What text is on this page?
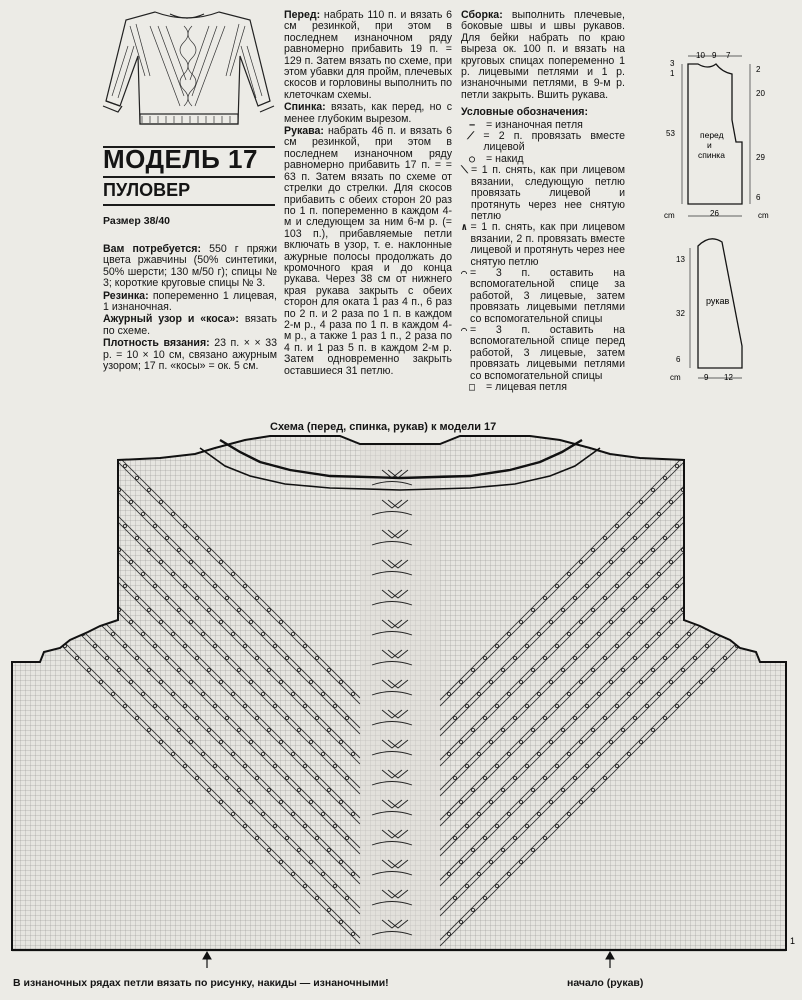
МОДЕЛЬ 17
ПУЛОВЕР
Размер 38/40

Вам потребуется: 550 г пряжи цвета ржавчины (50% синтетики, 50% шерсти; 130 м/50 г); спицы № 3; короткие круговые спицы № 3.

Резинка: попеременно 1 лицевая, 1 изнаночная.

Ажурный узор и «коса»: вязать по схеме.

Плотность вязания: 23 п. × × 33 р. = 10 × 10 см, связано ажурным узором; 17 п. «косы» = ок. 5 см.

Перед: набрать 110 п. и вязать 6 см резинкой, при этом в последнем изнаночном ряду равномерно прибавить 19 п. = 129 п. Затем вязать по схеме, при этом убавки для пройм, плечевых скосов и горловины выполнить по клеточкам схемы.

Спинка: вязать, как перед, но с менее глубоким вырезом.

Рукава: набрать 46 п. и вязать 6 см резинкой, при этом в последнем изнаночном ряду равномерно прибавить 17 п. = = 63 п. Затем вязать по схеме от стрелки до стрелки. Для скосов прибавить с обеих сторон 20 раз по 1 п. попеременно в каждом 4-м и следующем за ним 6-м р. (= 103 п.), прибавляемые петли включать в узор, т. е. наклонные ажурные полосы продолжать до кромочного края и до конца рукава. Через 38 см от нижнего края рукава закрыть с обеих сторон для оката 1 раз 4 п., 6 раз по 2 п. и 2 раза по 1 п. в каждом 2-м р., 4 раза по 1 п. в каждом 4-м р., а также 1 раз 1 п., 2 раза по 4 п. и 1 раз 5 п. в каждом 2-м р. Затем одновременно закрыть оставшиеся 31 петлю.

Сборка: выполнить плечевые, боковые швы и швы рукавов. Для бейки набрать по краю выреза ок. 100 п. и вязать на круговых спицах попеременно 1 р. лицевыми петлями и 1 р. изнаночными петлями, в 9-м р. петли закрыть. Вшить рукава.

Условные обозначения:

−	= изнаночная петля
⟋ = 2 п. провязать вместе лицевой
○	= накид
⟍ = 1 п. снять, как при лицевом вязании, следующую петлю провязать лицевой и протянуть через нее снятую петлю
∧ = 1 п. снять, как при лицевом вязании, 2 п. провязать вместе лицевой и протянуть через нее снятую петлю
⌒ = 3 п. оставить на вспомогательной спице за работой, 3 лицевые, затем провязать лицевыми петлями со вспомогательной спицы
⌒ = 3 п. оставить на вспомогательной спице перед работой, 3 лицевые, затем провязать лицевыми петлями со вспомогательной спицы
□	= лицевая петля
10 9 7
3
1
53
2
20
29
6
26
cm	cm
перед
и
спинка
рукав
13
32
6
9 12
cm
Схема (перед, спинка, рукав) к модели 17
1
В изнаночных рядах петли вязать по рисунку, накиды — изнаночными!	начало (рукав)
